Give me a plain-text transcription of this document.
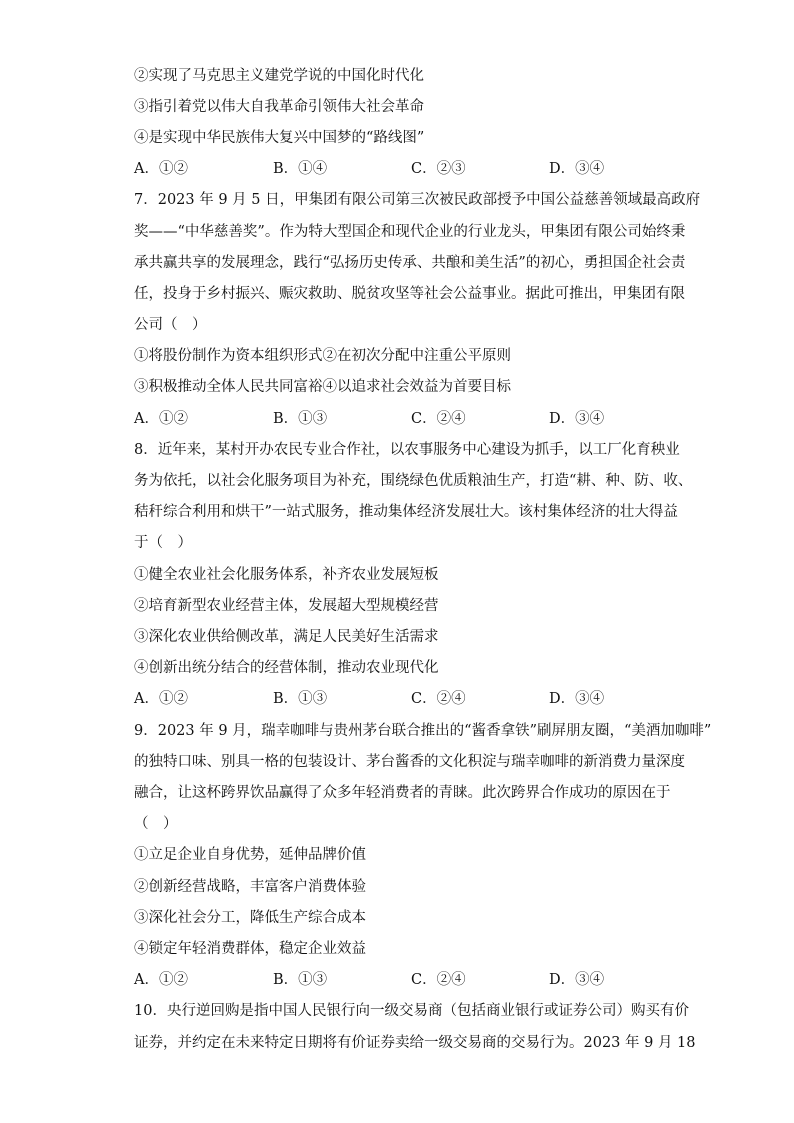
②实现了马克思主义建党学说的中国化时代化
③指引着党以伟大自我革命引领伟大社会革命
④是实现中华民族伟大复兴中国梦的“路线图”
A．①②	B．①④	C．②③	D．③④
7．2023 年 9 月 5 日，甲集团有限公司第三次被民政部授予中国公益慈善领域最高政府
奖——“中华慈善奖”。作为特大型国企和现代企业的行业龙头，甲集团有限公司始终秉
承共赢共享的发展理念，践行“弘扬历史传承、共酿和美生活”的初心，勇担国企社会责
任，投身于乡村振兴、赈灾救助、脱贫攻坚等社会公益事业。据此可推出，甲集团有限
公司（　）
①将股份制作为资本组织形式②在初次分配中注重公平原则
③积极推动全体人民共同富裕④以追求社会效益为首要目标
A．①②	B．①③	C．②④	D．③④
8．近年来，某村开办农民专业合作社，以农事服务中心建设为抓手，以工厂化育秧业
务为依托，以社会化服务项目为补充，围绕绿色优质粮油生产，打造“耕、种、防、收、
秸秆综合利用和烘干”一站式服务，推动集体经济发展壮大。该村集体经济的壮大得益
于（　）
①健全农业社会化服务体系，补齐农业发展短板
②培育新型农业经营主体，发展超大型规模经营
③深化农业供给侧改革，满足人民美好生活需求
④创新出统分结合的经营体制，推动农业现代化
A．①②	B．①③	C．②④	D．③④
9．2023 年 9 月，瑞幸咖啡与贵州茅台联合推出的“酱香拿铁”刷屏朋友圈，“美酒加咖啡”
的独特口味、别具一格的包装设计、茅台酱香的文化积淀与瑞幸咖啡的新消费力量深度
融合，让这杯跨界饮品赢得了众多年轻消费者的青睐。此次跨界合作成功的原因在于
（　）
①立足企业自身优势，延伸品牌价值
②创新经营战略，丰富客户消费体验
③深化社会分工，降低生产综合成本
④锁定年轻消费群体，稳定企业效益
A．①②	B．①③	C．②④	D．③④
10．央行逆回购是指中国人民银行向一级交易商（包括商业银行或证券公司）购买有价
证券，并约定在未来特定日期将有价证券卖给一级交易商的交易行为。2023 年 9 月 18
